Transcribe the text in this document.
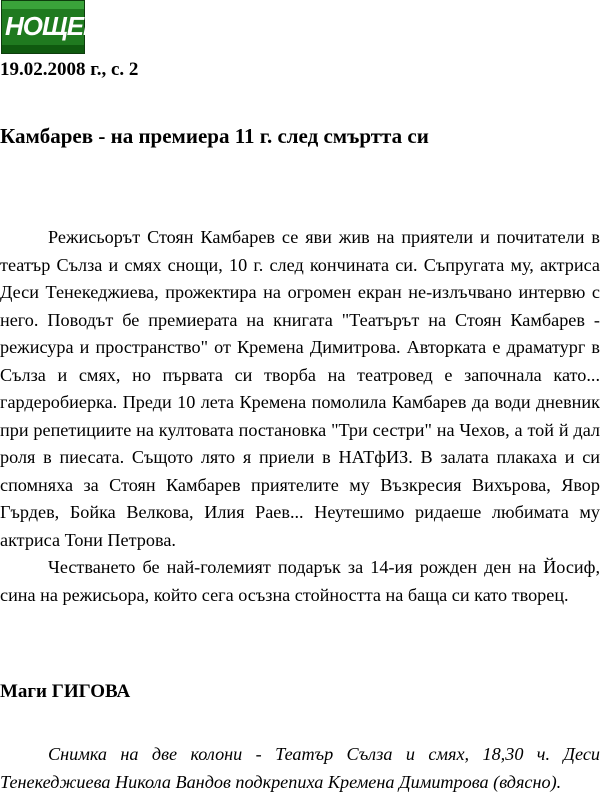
НОЩЕН
19.02.2008 г., с. 2
Камбарев - на премиера 11 г. след смъртта си

Режисьорът Стоян Камбарев се яви жив на приятели и почитатели в театър Сълза и смях снощи, 10 г. след кончината си. Съпругата му, актриса Деси Тенекеджиева, прожектира на огромен екран не-излъчвано интервю с него. Поводът бе премиерата на книгата "Театърът на Стоян Камбарев - режисура и пространство" от Кремена Димитрова. Авторката е драматург в Сълза и смях, но първата си творба на театровед е започнала като... гардеробиерка. Преди 10 лета Кремена помолила Камбарев да води дневник при репетициите на култовата постановка "Три сестри" на Чехов, а той й дал роля в пиесата. Същото лято я приели в НАТфИЗ. В залата плакаха и си спомняха за Стоян Камбарев приятелите му Възкресия Вихърова, Явор Гърдев, Бойка Велкова, Илия Раев... Неутешимо ридаеше любимата му актриса Тони Петрова.

Честването бе най-големият подарък за 14-ия рожден ден на Йосиф, сина на режисьора, който сега осъзна стойността на баща си като творец.

Маги ГИГОВА

Снимка на две колони - Театър Сълза и смях, 18,30 ч. Деси Тенекеджиева Никола Вандов подкрепиха Кремена Димитрова (вдясно).
